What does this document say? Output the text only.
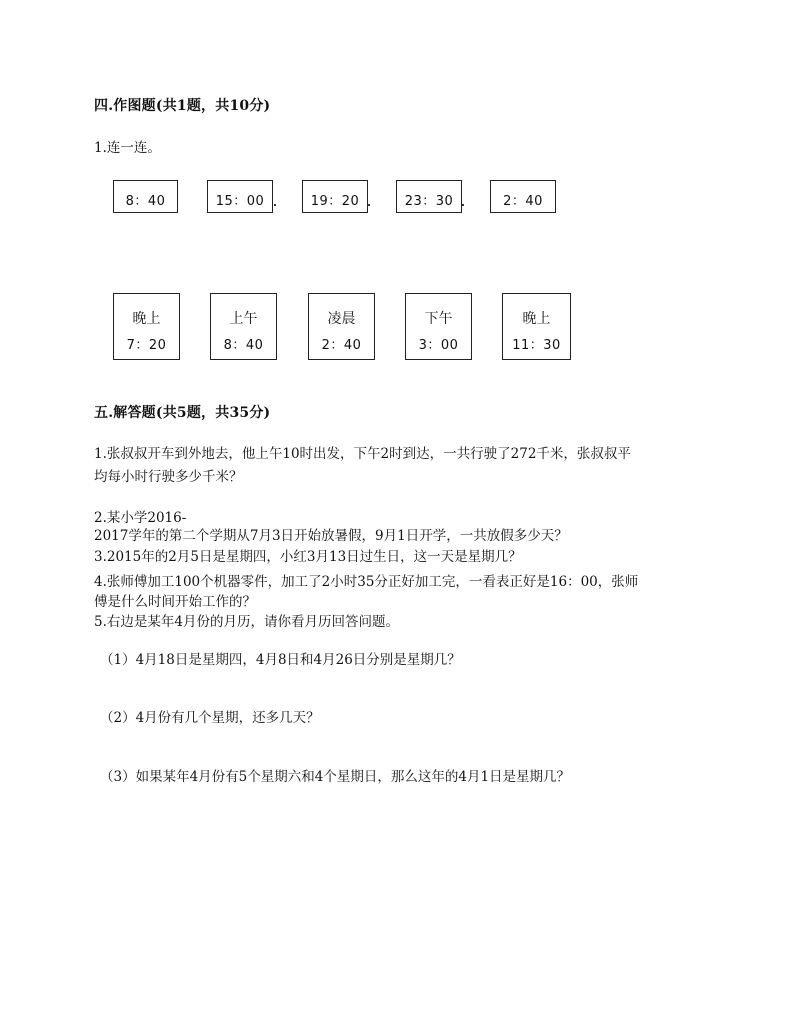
四.作图题(共1题，共10分)
1.连一连。
8：40	15：00	19：20	23：30	2：40
晚上
7：20
上午
8：40
凌晨
2：40
下午
3：00
晚上
11：30
五.解答题(共5题，共35分)
1.张叔叔开车到外地去，他上午10时出发，下午2时到达，一共行驶了272千米，张叔叔平
均每小时行驶多少千米？
2.某小学2016-
2017学年的第二个学期从7月3日开始放暑假，9月1日开学，一共放假多少天？
3.2015年的2月5日是星期四，小红3月13日过生日，这一天是星期几？
4.张师傅加工100个机器零件，加工了2小时35分正好加工完，一看表正好是16：00，张师
傅是什么时间开始工作的？
5.右边是某年4月份的月历，请你看月历回答问题。
（1）4月18日是星期四，4月8日和4月26日分别是星期几？
（2）4月份有几个星期，还多几天？
（3）如果某年4月份有5个星期六和4个星期日，那么这年的4月1日是星期几？
